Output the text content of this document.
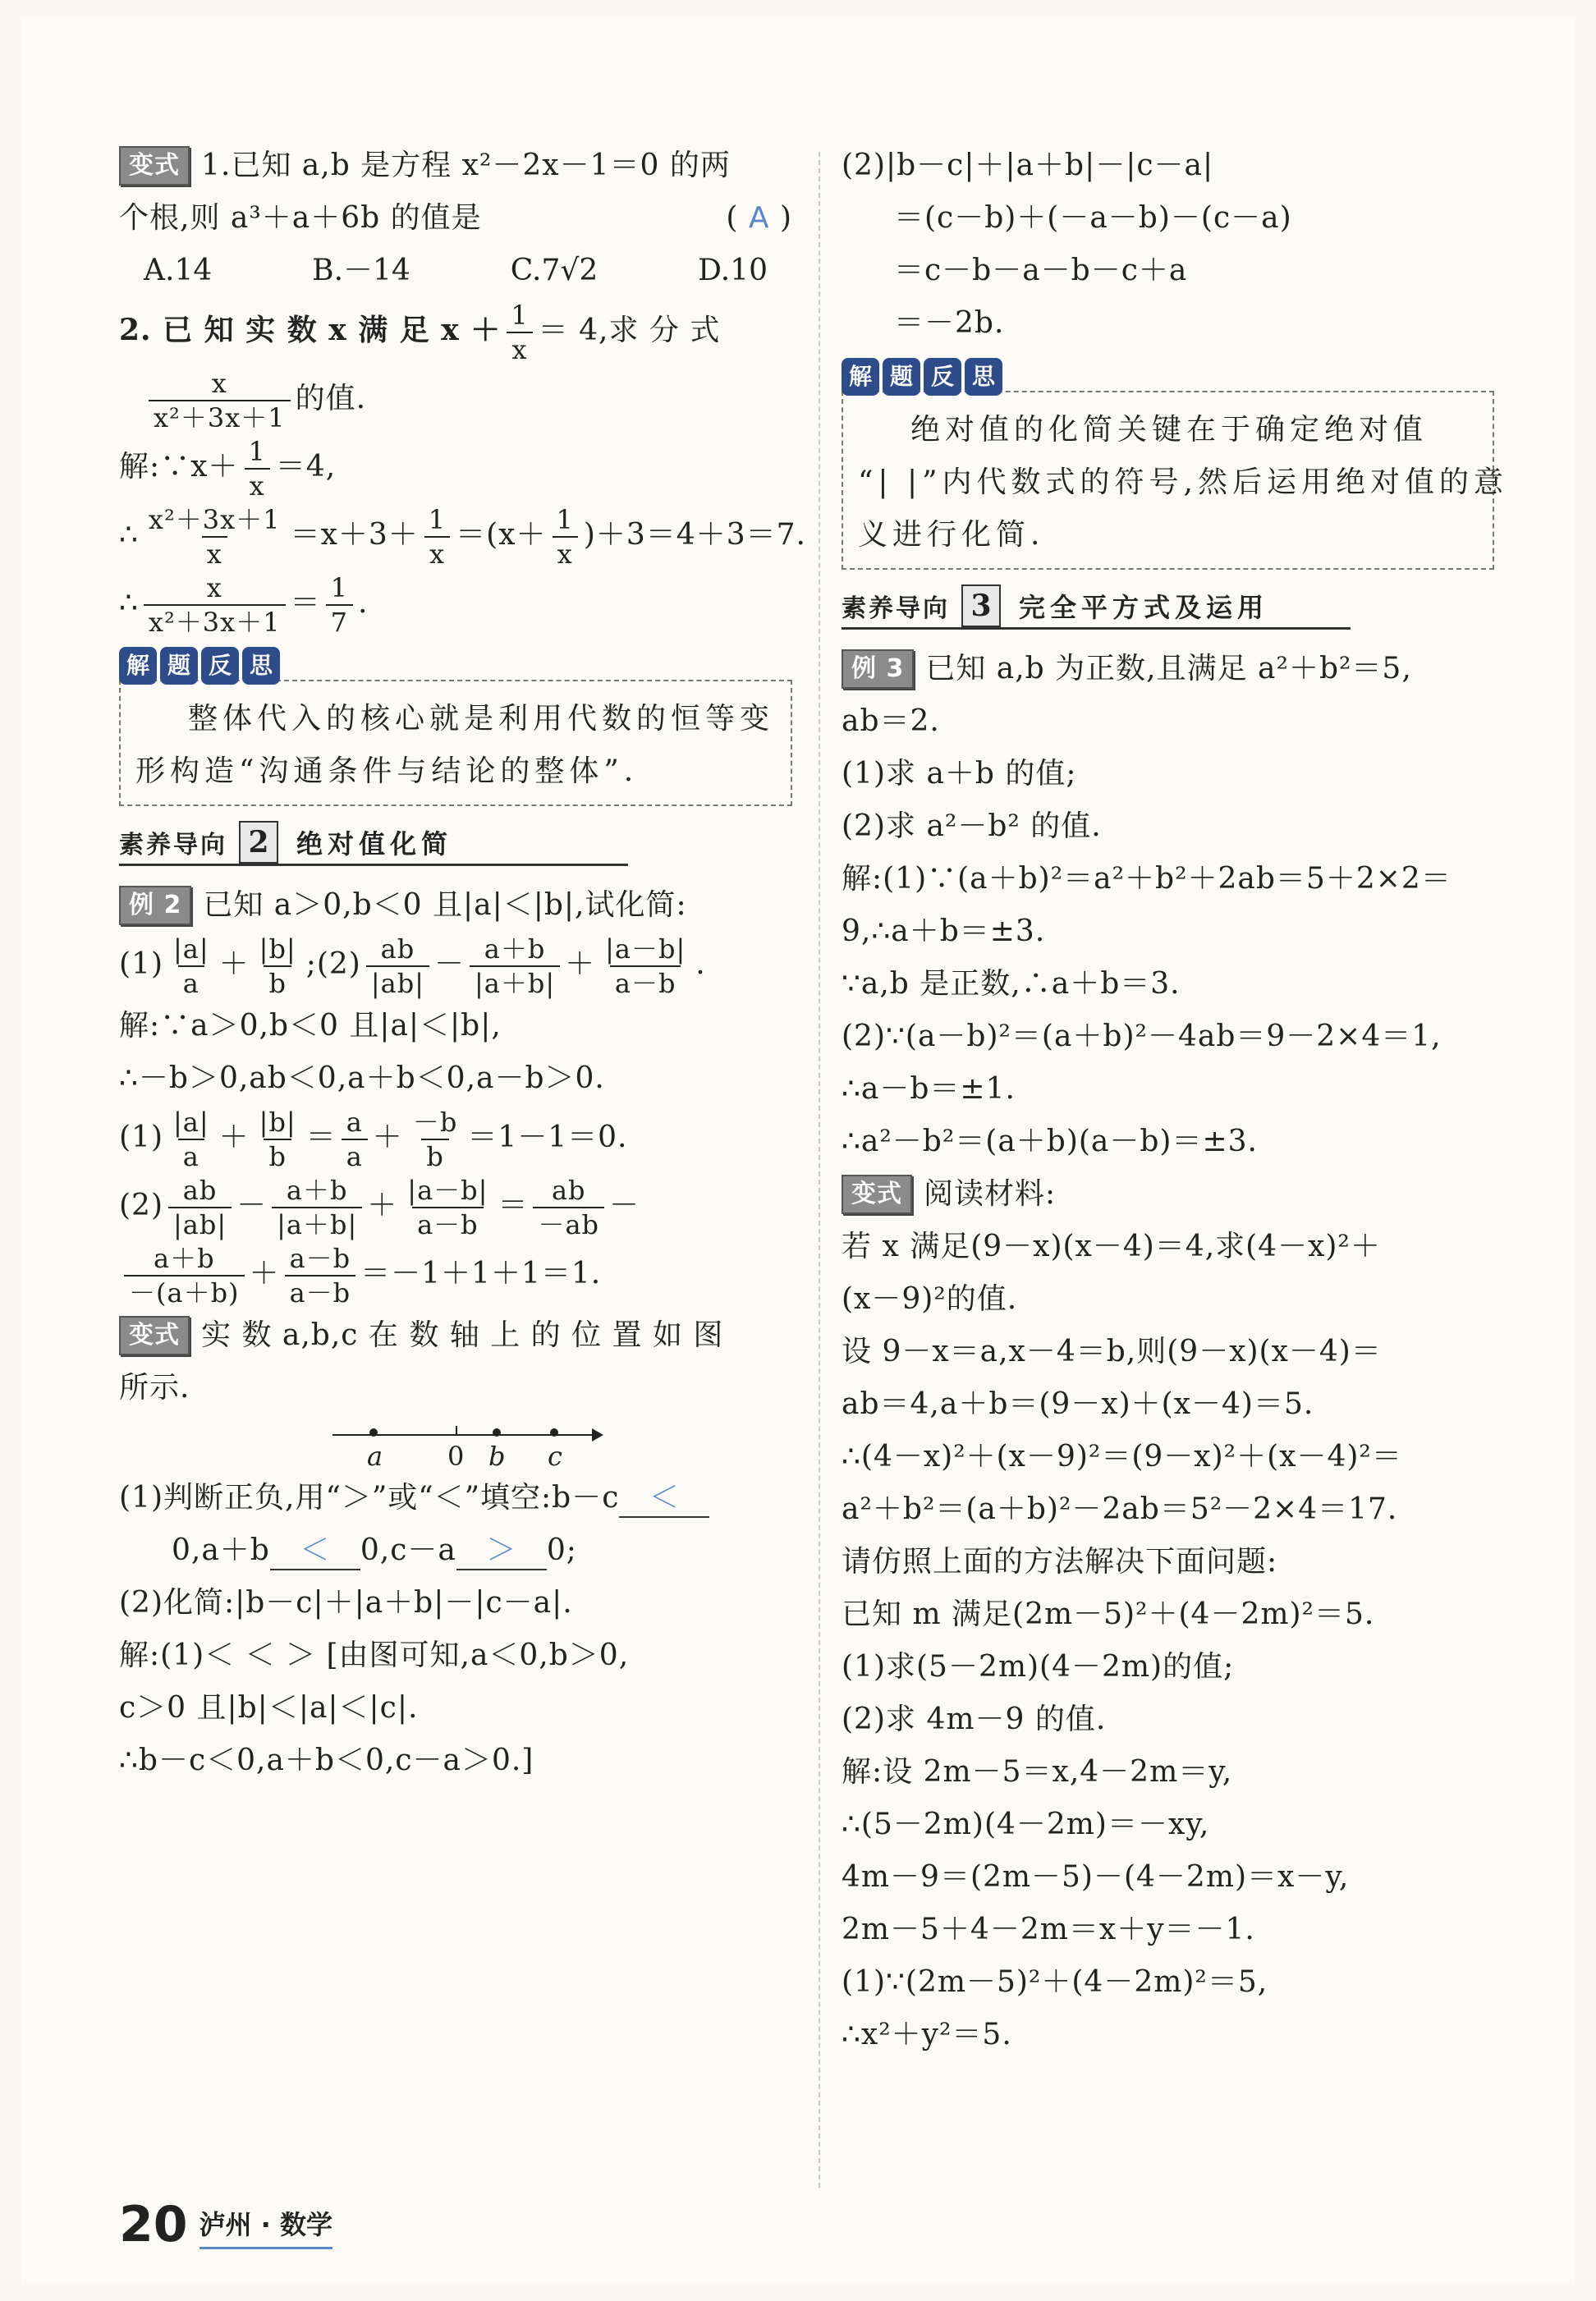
变式 1.已知 a,b 是方程 x²－2x－1＝0 的两
个根,则 a³＋a＋6b 的值是	( A )
A.14	B.－14	C.7√2	D.10
2. 已 知 实 数 x 满 足 $x + \frac{1}{x} = 4$,求 分 式
$\frac{x}{\text{x²＋3x＋1}}$ 的值.
解:∵x＋ $\frac{1}{x} =4$,
∴ $\frac{\text{x²＋3x＋1}}{x} =x+3+ \frac{1}{x} =(x+ \frac{1}{x} )+3=4+3=7$.
∴ $\frac{x}{\text{x²＋3x＋1}} = \frac{1}{7}$ .
解 题 反 思
整体代入的核心就是利用代数的恒等变
形构造“沟通条件与结论的整体”.
素养导向 2	绝对值化简
例 2 已知 a＞0,b＜0 且|a|＜|b|,试化简:
$(1) \frac{|a|}{a} + \frac{|b|}{b}$ ;(2) $\frac{ab}{|ab|} - \frac{a+b}{|a+b|} + \frac{|a-b|}{a-b}$ .
解:∵a＞0,b＜0 且|a|＜|b|,
∴－b＞0,ab＜0,a＋b＜0,a－b＞0.
$(1) \frac{|a|}{a} + \frac{|b|}{b} = \frac{a}{a} + \frac{-b}{b} =1-1=0$.
$(2) \frac{ab}{|ab|} - \frac{a+b}{|a+b|} + \frac{|a-b|}{a-b} = \frac{ab}{-ab}$ －
$\frac{a+b}{-(a+b)} + \frac{a-b}{a-b} =-1+1+1=1$.
变式 实 数 a,b,c 在 数 轴 上 的 位 置 如 图
所示.
a 0 b c
(1)判断正负,用“＞”或“＜”填空:b－c ＜
0,a＋b ＜ 0,c－a ＞ 0;
(2)化简:|b－c|＋|a＋b|－|c－a|.
解:(1)＜ ＜ ＞ [由图可知,a＜0,b＞0,
c＞0 且|b|＜|a|＜|c|.
∴b－c＜0,a＋b＜0,c－a＞0.]
(2)|b－c|＋|a＋b|－|c－a|
＝(c－b)＋(－a－b)－(c－a)
＝c－b－a－b－c＋a
＝－2b.
解 题 反 思
绝对值的化简关键在于确定绝对值
“| |”内代数式的符号,然后运用绝对值的意
义进行化简.
素养导向 3	完全平方式及运用
例 3 已知 a,b 为正数,且满足 a²＋b²＝5,
ab＝2.
(1)求 a＋b 的值;
(2)求 a²－b² 的值.
解:(1)∵(a＋b)²＝a²＋b²＋2ab＝5＋2×2＝
9,∴a＋b＝±3.
∵a,b 是正数,∴a＋b＝3.
(2)∵(a－b)²＝(a＋b)²－4ab＝9－2×4＝1,
∴a－b＝±1.
∴a²－b²＝(a＋b)(a－b)＝±3.
变式 阅读材料:
若 x 满足(9－x)(x－4)＝4,求(4－x)²＋
(x－9)²的值.
设 9－x＝a,x－4＝b,则(9－x)(x－4)＝
ab＝4,a＋b＝(9－x)＋(x－4)＝5.
∴(4－x)²＋(x－9)²＝(9－x)²＋(x－4)²＝
a²＋b²＝(a＋b)²－2ab＝5²－2×4＝17.
请仿照上面的方法解决下面问题:
已知 m 满足(2m－5)²＋(4－2m)²＝5.
(1)求(5－2m)(4－2m)的值;
(2)求 4m－9 的值.
解:设 2m－5＝x,4－2m＝y,
∴(5－2m)(4－2m)＝－xy,
4m－9＝(2m－5)－(4－2m)＝x－y,
2m－5＋4－2m＝x＋y＝－1.
(1)∵(2m－5)²＋(4－2m)²＝5,
∴x²＋y²＝5.
20 泸州 · 数学
